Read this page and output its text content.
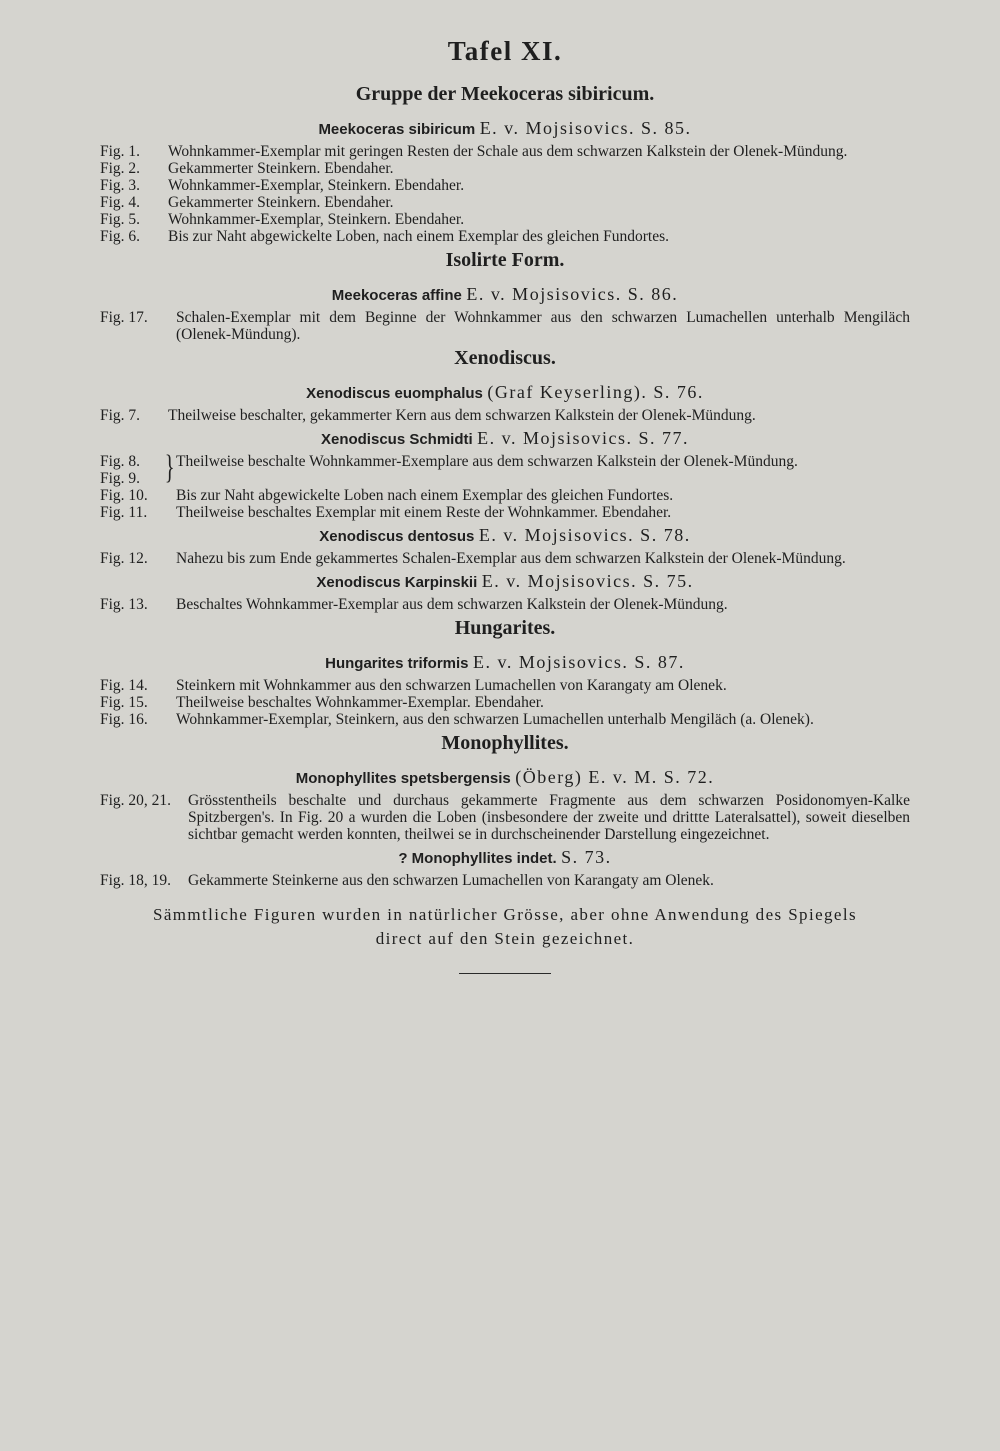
Tafel XI.
Gruppe der Meekoceras sibiricum.
Meekoceras sibiricum E. v. Mojsisovics. S. 85.
Fig. 1.	Wohnkammer-Exemplar mit geringen Resten der Schale aus dem schwarzen Kalkstein der Olenek-Mündung.
Fig. 2.	Gekammerter Steinkern. Ebendaher.
Fig. 3.	Wohnkammer-Exemplar, Steinkern. Ebendaher.
Fig. 4.	Gekammerter Steinkern. Ebendaher.
Fig. 5.	Wohnkammer-Exemplar, Steinkern. Ebendaher.
Fig. 6.	Bis zur Naht abgewickelte Loben, nach einem Exemplar des gleichen Fundortes.
Isolirte Form.
Meekoceras affine E. v. Mojsisovics. S. 86.
Fig. 17.	Schalen-Exemplar mit dem Beginne der Wohnkammer aus den schwarzen Lumachellen unterhalb Mengiläch (Olenek-Mündung).
Xenodiscus.
Xenodiscus euomphalus (Graf Keyserling). S. 76.
Fig. 7.	Theilweise beschalter, gekammerter Kern aus dem schwarzen Kalkstein der Olenek-Mündung.
Xenodiscus Schmidti E. v. Mojsisovics. S. 77.
Fig. 8.
Fig. 9. } Theilweise beschalte Wohnkammer-Exemplare aus dem schwarzen Kalkstein der Olenek-Mündung.
Fig. 10.	Bis zur Naht abgewickelte Loben nach einem Exemplar des gleichen Fundortes.
Fig. 11.	Theilweise beschaltes Exemplar mit einem Reste der Wohnkammer. Ebendaher.
Xenodiscus dentosus E. v. Mojsisovics. S. 78.
Fig. 12.	Nahezu bis zum Ende gekammertes Schalen-Exemplar aus dem schwarzen Kalkstein der Olenek-Mündung.
Xenodiscus Karpinskii E. v. Mojsisovics. S. 75.
Fig. 13.	Beschaltes Wohnkammer-Exemplar aus dem schwarzen Kalkstein der Olenek-Mündung.
Hungarites.
Hungarites triformis E. v. Mojsisovics. S. 87.
Fig. 14.	Steinkern mit Wohnkammer aus den schwarzen Lumachellen von Karangaty am Olenek.
Fig. 15.	Theilweise beschaltes Wohnkammer-Exemplar. Ebendaher.
Fig. 16.	Wohnkammer-Exemplar, Steinkern, aus den schwarzen Lumachellen unterhalb Mengiläch (a. Olenek).
Monophyllites.
Monophyllites spetsbergensis (Öberg) E. v. M. S. 72.
Fig. 20, 21.	Grösstentheils beschalte und durchaus gekammerte Fragmente aus dem schwarzen Posidonomyen-Kalke Spitzbergen's. In Fig. 20 a wurden die Loben (insbesondere der zweite und drittte Lateralsattel), soweit dieselben sichtbar gemacht werden konnten, theilwei se in durchscheinender Darstellung eingezeichnet.
? Monophyllites indet. S. 73.
Fig. 18, 19.	Gekammerte Steinkerne aus den schwarzen Lumachellen von Karangaty am Olenek.
Sämmtliche Figuren wurden in natürlicher Grösse, aber ohne Anwendung des Spiegels
direct auf den Stein gezeichnet.
